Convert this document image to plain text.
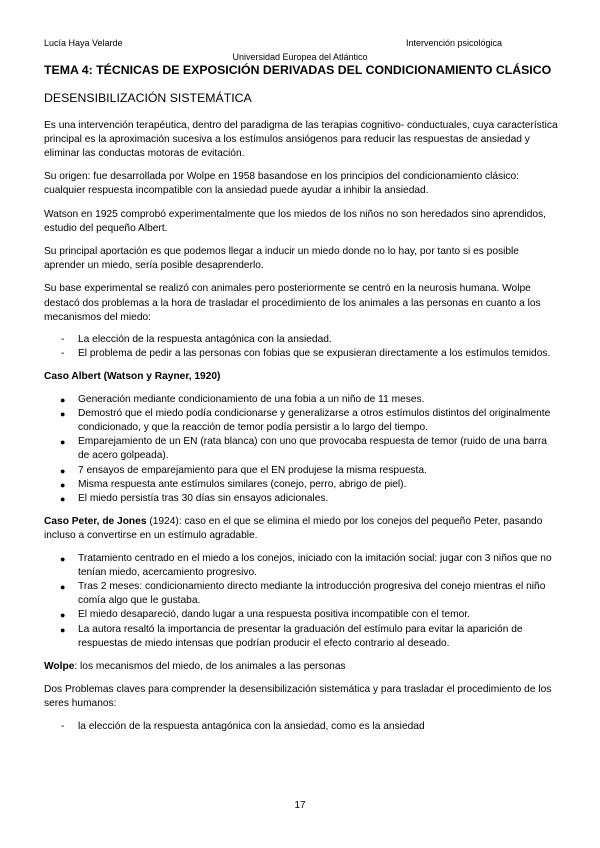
Lucía Haya Velarde	Intervención psicológica
Universidad Europea del Atlántico
TEMA 4: TÉCNICAS DE EXPOSICIÓN DERIVADAS DEL CONDICIONAMIENTO CLÁSICO
DESENSIBILIZACIÓN SISTEMÁTICA

Es una intervención terapéutica, dentro del paradigma de las terapias cognitivo- conductuales, cuya característica principal es la aproximación sucesiva a los estímulos ansiógenos para reducir las respuestas de ansiedad y eliminar las conductas motoras de evitación.

Su origen: fue desarrollada por Wolpe en 1958 basandose en los principios del condicionamiento clásico: cualquier respuesta incompatible con la ansiedad puede ayudar a inhibir la ansiedad.

Watson en 1925 comprobó experimentalmente que los miedos de los niños no son heredados sino aprendidos, estudio del pequeño Albert.

Su principal aportación es que podemos llegar a inducir un miedo donde no lo hay, por tanto si es posible aprender un miedo, sería posible desaprenderlo.

Su base experimental se realizó con animales pero posteriormente se centró en la neurosis humana. Wolpe destacó dos problemas a la hora de trasladar el procedimiento de los animales a las personas en cuanto a los mecanismos del miedo:

- La elección de la respuesta antagónica con la ansiedad.
- El problema de pedir a las personas con fobias que se expusieran directamente a los estímulos temidos.

Caso Albert (Watson y Rayner, 1920)

● Generación mediante condicionamiento de una fobia a un niño de 11 meses.
● Demostró que el miedo podía condicionarse y generalizarse a otros estímulos distintos del originalmente condicionado, y que la reacción de temor podía persistir a lo largo del tiempo.
● Emparejamiento de un EN (rata blanca) con uno que provocaba respuesta de temor (ruido de una barra de acero golpeada).
● 7 ensayos de emparejamiento para que el EN produjese la misma respuesta.
● Misma respuesta ante estímulos similares (conejo, perro, abrigo de piel).
● El miedo persistía tras 30 días sin ensayos adicionales.

Caso Peter, de Jones (1924): caso en el que se elimina el miedo por los conejos del pequeño Peter, pasando incluso a convertirse en un estímulo agradable.

● Tratamiento centrado en el miedo a los conejos, iniciado con la imitación social: jugar con 3 niños que no tenían miedo, acercamiento progresivo.
● Tras 2 meses: condicionamiento directo mediante la introducción progresiva del conejo mientras el niño comía algo que le gustaba.
● El miedo desapareció, dando lugar a una respuesta positiva incompatible con el temor.
● La autora resaltó la importancia de presentar la graduación del estímulo para evitar la aparición de respuestas de miedo intensas que podrían producir el efecto contrario al deseado.

Wolpe: los mecanismos del miedo, de los animales a las personas

Dos Problemas claves para comprender la desensibilización sistemática y para trasladar el procedimiento de los seres humanos:

- la elección de la respuesta antagónica con la ansiedad, como es la ansiedad
17
